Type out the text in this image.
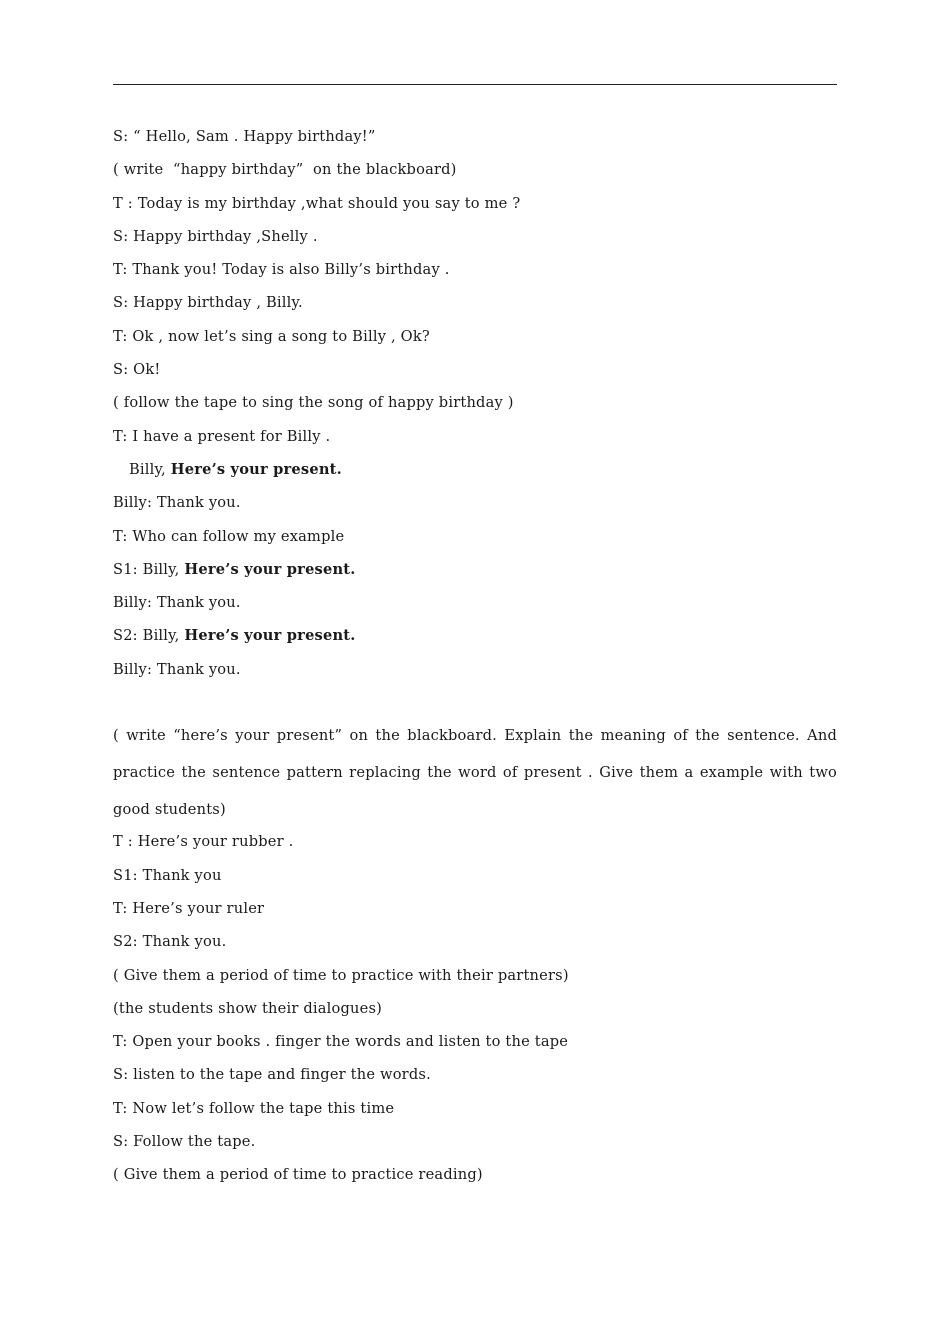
S: “ Hello, Sam . Happy birthday!”
( write  “happy birthday”  on the blackboard)
T : Today is my birthday ,what should you say to me ?
S: Happy birthday ,Shelly .
T: Thank you! Today is also Billy’s birthday .
S: Happy birthday , Billy.
T: Ok , now let’s sing a song to Billy , Ok?
S: Ok!
( follow the tape to sing the song of happy birthday )
T: I have a present for Billy .
Billy, Here’s your present.
Billy: Thank you.
T: Who can follow my example
S1: Billy, Here’s your present.
Billy: Thank you.
S2: Billy, Here’s your present.
Billy: Thank you.
( write “here’s your present” on the blackboard. Explain the meaning of the sentence. And practice the sentence pattern replacing the word of present . Give them a example with two good students)
T : Here’s your rubber .
S1: Thank you
T: Here’s your ruler
S2: Thank you.
( Give them a period of time to practice with their partners)
(the students show their dialogues)
T: Open your books . finger the words and listen to the tape
S: listen to the tape and finger the words.
T: Now let’s follow the tape this time
S: Follow the tape.
( Give them a period of time to practice reading)
